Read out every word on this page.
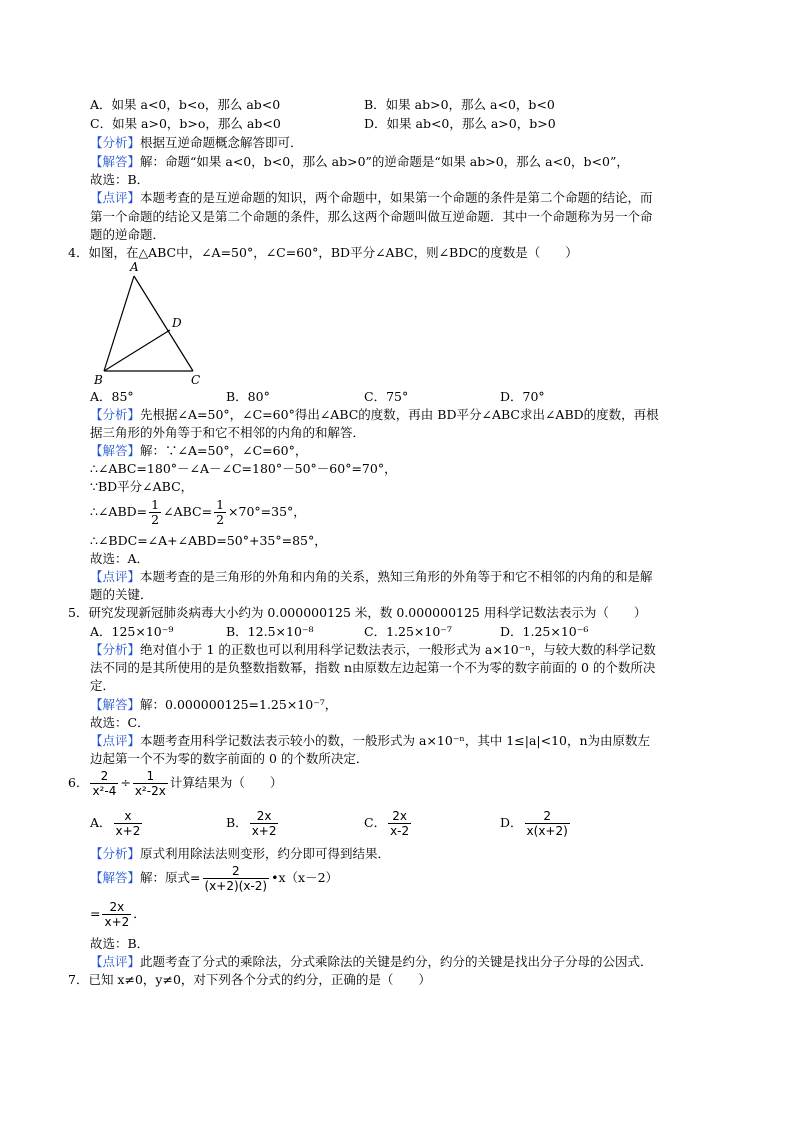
A．如果 a<0，b<o，那么 ab<0	B．如果 ab>0，那么 a<0，b<0
C．如果 a>0，b>o，那么 ab<0	D．如果 ab<0，那么 a>0，b>0
【分析】根据互逆命题概念解答即可．
【解答】解：命题“如果 a<0，b<0，那么 ab>0”的逆命题是“如果 ab>0，那么 a<0，b<0”，
故选：B．
【点评】本题考查的是互逆命题的知识，两个命题中，如果第一个命题的条件是第二个命题的结论，而
第一个命题的结论又是第二个命题的条件，那么这两个命题叫做互逆命题．其中一个命题称为另一个命
题的逆命题．
4．如图，在△ABC中，∠A=50°，∠C=60°，BD平分∠ABC，则∠BDC的度数是（　　）
A
B	C
D
A．85°	B．80°	C．75°	D．70°
【分析】先根据∠A=50°，∠C=60°得出∠ABC的度数，再由 BD平分∠ABC求出∠ABD的度数，再根
据三角形的外角等于和它不相邻的内角的和解答．
【解答】解：∵∠A=50°，∠C=60°，
∴∠ABC=180°－∠A－∠C=180°－50°－60°=70°，
∵BD平分∠ABC，
∴∠ABD= $\frac{1}{2}$ ∠ABC= $\frac{1}{2} \times 70^\circ=35^\circ$，
∴∠BDC=∠A+∠ABD=50°+35°=85°，
故选：A．
【点评】本题考查的是三角形的外角和内角的关系，熟知三角形的外角等于和它不相邻的内角的和是解
题的关键．
5．研究发现新冠肺炎病毒大小约为 0.000000125 米，数 0.000000125 用科学记数法表示为（　　）
A．125×10⁻⁹	B．12.5×10⁻⁸	C．1.25×10⁻⁷	D．1.25×10⁻⁶
【分析】绝对值小于 1 的正数也可以利用科学记数法表示，一般形式为 a×10⁻ⁿ，与较大数的科学记数
法不同的是其所使用的是负整数指数幂，指数 n由原数左边起第一个不为零的数字前面的 0 的个数所决
定．
【解答】解：0.000000125=1.25×10⁻⁷，
故选：C．
【点评】本题考查用科学记数法表示较小的数，一般形式为 a×10⁻ⁿ，其中 1≤|a|<10，n为由原数左
边起第一个不为零的数字前面的 0 的个数所决定．
6． $\frac{2}{\text{x²-4}} \div \frac{1}{\text{x²-2x}}$ 计算结果为（　　）
A． $\frac{x}{x+2}$	B． $\frac{2x}{x+2}$	C． $\frac{2x}{x-2}$	D． $\frac{2}{x(x+2)}$
【分析】原式利用除法法则变形，约分即可得到结果．
【解答】解：原式= $\frac{2}{(x+2)(x-2)}$ •x（x－2）
= $\frac{2x}{x+2}$ ．
故选：B．
【点评】此题考查了分式的乘除法，分式乘除法的关键是约分，约分的关键是找出分子分母的公因式．
7．已知 x≠0，y≠0，对下列各个分式的约分，正确的是（　　）
